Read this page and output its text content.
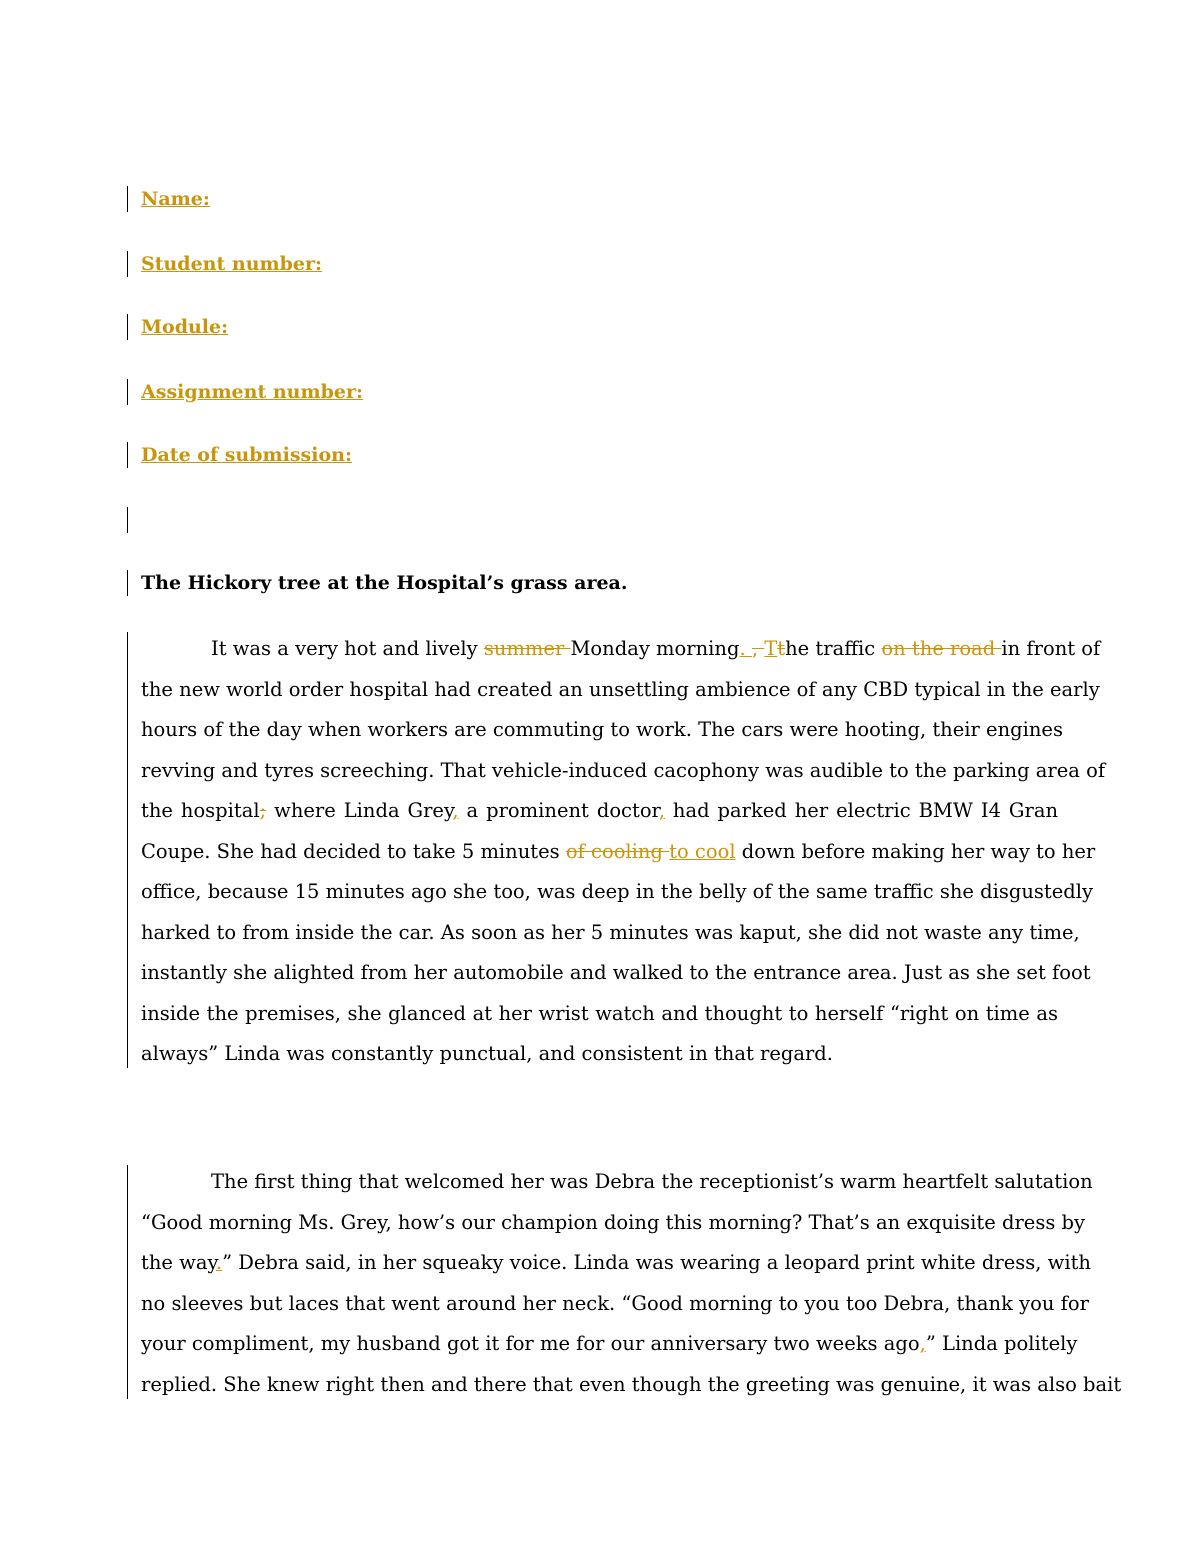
Name:
Student number:
Module:
Assignment number:
Date of submission:
The Hickory tree at the Hospital’s grass area.
It was a very hot and lively summer Monday morning. , Tthe traffic on the road in front of
the new world order hospital had created an unsettling ambience of any CBD typical in the early
hours of the day when workers are commuting to work. The cars were hooting, their engines
revving and tyres screeching. That vehicle-induced cacophony was audible to the parking area of
the hospital; where Linda Grey, a prominent doctor, had parked her electric BMW I4 Gran
Coupe. She had decided to take 5 minutes of cooling to cool down before making her way to her
office, because 15 minutes ago she too, was deep in the belly of the same traffic she disgustedly
harked to from inside the car. As soon as her 5 minutes was kaput, she did not waste any time,
instantly she alighted from her automobile and walked to the entrance area. Just as she set foot
inside the premises, she glanced at her wrist watch and thought to herself “right on time as
always” Linda was constantly punctual, and consistent in that regard.
The first thing that welcomed her was Debra the receptionist’s warm heartfelt salutation
“Good morning Ms. Grey, how’s our champion doing this morning? That’s an exquisite dress by
the way.” Debra said, in her squeaky voice. Linda was wearing a leopard print white dress, with
no sleeves but laces that went around her neck. “Good morning to you too Debra, thank you for
your compliment, my husband got it for me for our anniversary two weeks ago,” Linda politely
replied. She knew right then and there that even though the greeting was genuine, it was also bait
